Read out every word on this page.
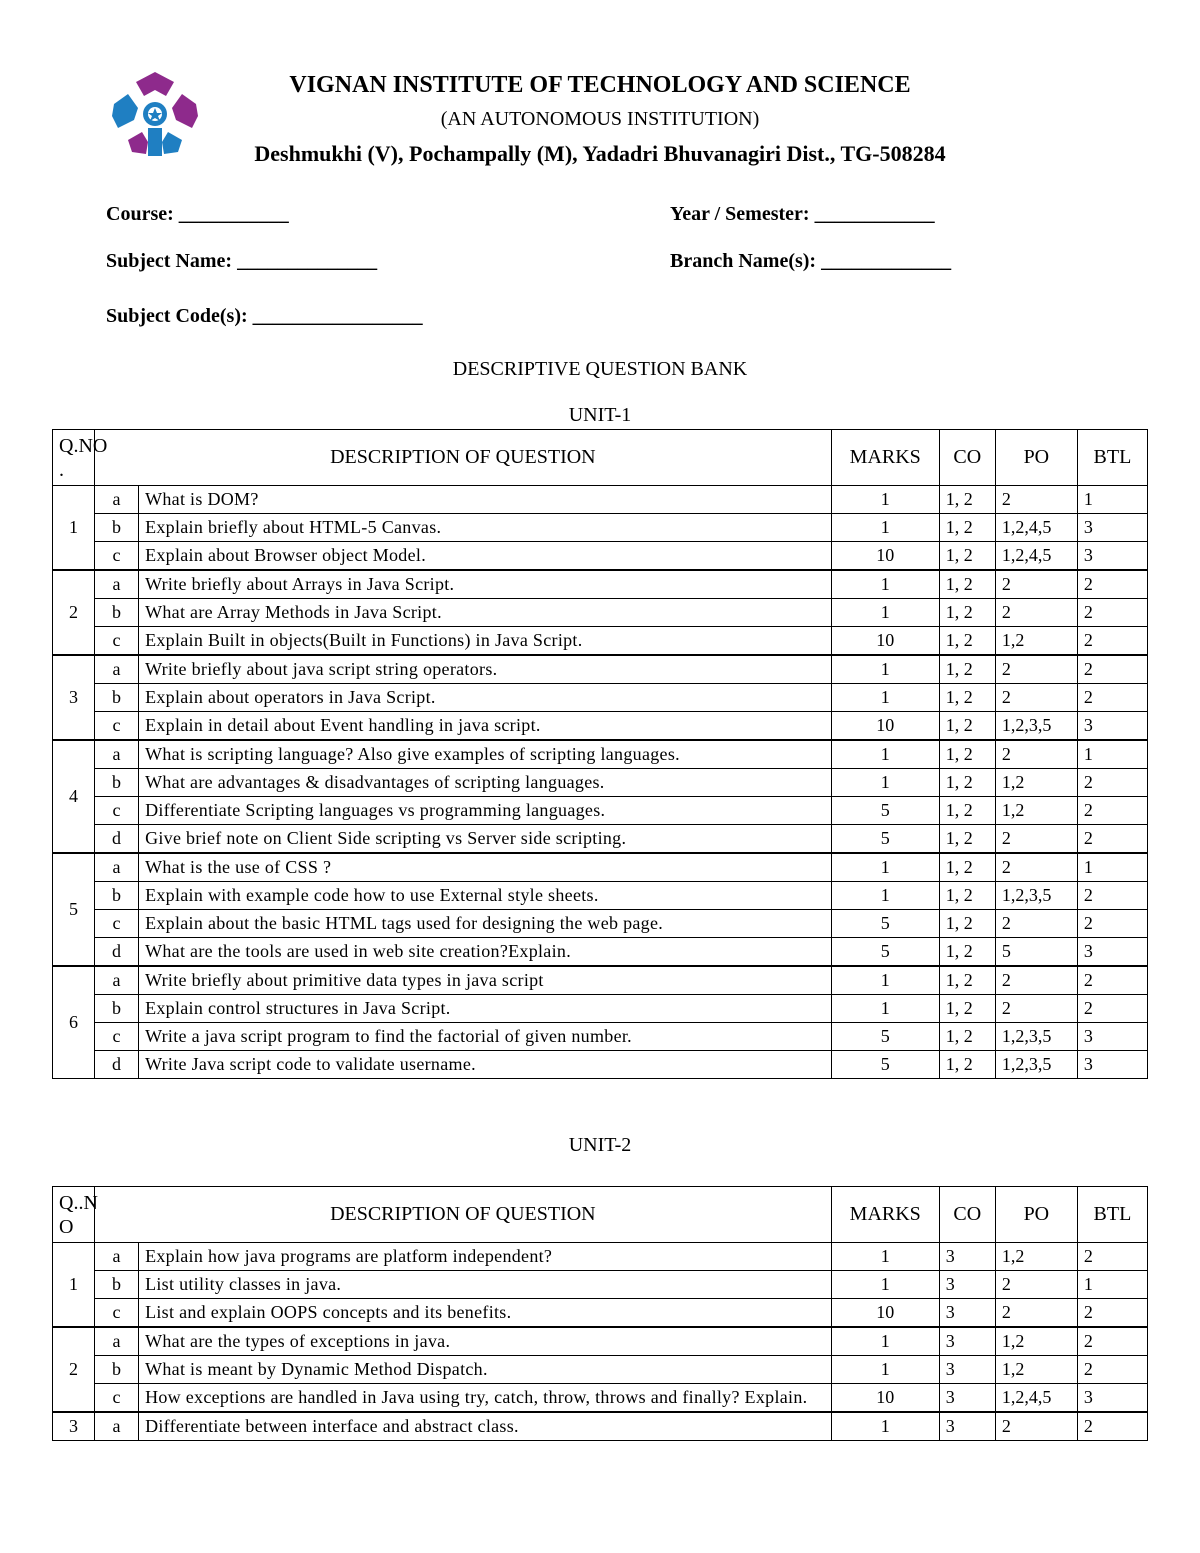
VIGNAN INSTITUTE OF TECHNOLOGY AND SCIENCE
(AN AUTONOMOUS INSTITUTION)
Deshmukhi (V), Pochampally (M), Yadadri Bhuvanagiri Dist., TG-508284
Course: ___________	Year / Semester: ____________
Subject Name: ______________	Branch Name(s): _____________
Subject Code(s): _________________
DESCRIPTIVE QUESTION BANK
UNIT-1
Q.NO .	DESCRIPTION OF QUESTION		MARKS	CO	PO	BTL
1	a	What is DOM?	1	1, 2	2	1
	b	Explain briefly about HTML-5 Canvas.	1	1, 2	1,2,4,5	3
	c	Explain about Browser object Model.	10	1, 2	1,2,4,5	3
2	a	Write briefly about Arrays in Java Script.	1	1, 2	2	2
	b	What are Array Methods in Java Script.	1	1, 2	2	2
	c	Explain Built in objects(Built in Functions) in Java Script.	10	1, 2	1,2	2
3	a	Write briefly about java script string operators.	1	1, 2	2	2
	b	Explain about operators in Java Script.	1	1, 2	2	2
	c	Explain in detail about Event handling in java script.	10	1, 2	1,2,3,5	3
4	a	What is scripting language? Also give examples of scripting languages.	1	1, 2	2	1
	b	What are advantages & disadvantages of scripting languages.	1	1, 2	1,2	2
	c	Differentiate Scripting languages vs programming languages.	5	1, 2	1,2	2
	d	Give brief note on Client Side scripting vs Server side scripting.	5	1, 2	2	2
5	a	What is the use of CSS ?	1	1, 2	2	1
	b	Explain with example code how to use External style sheets.	1	1, 2	1,2,3,5	2
	c	Explain about the basic HTML tags used for designing the web page.	5	1, 2	2	2
	d	What are the tools are used in web site creation?Explain.	5	1, 2	5	3
6	a	Write briefly about primitive data types in java script	1	1, 2	2	2
	b	Explain control structures in Java Script.	1	1, 2	2	2
	c	Write a java script program to find the factorial of given number.	5	1, 2	1,2,3,5	3
	d	Write Java script code to validate username.	5	1, 2	1,2,3,5	3
UNIT-2
Q..N O	DESCRIPTION OF QUESTION		MARKS	CO	PO	BTL
1	a	Explain how java programs are platform independent?	1	3	1,2	2
	b	List utility classes in java.	1	3	2	1
	c	List and explain OOPS concepts and its benefits.	10	3	2	2
2	a	What are the types of exceptions in java.	1	3	1,2	2
	b	What is meant by Dynamic Method Dispatch.	1	3	1,2	2
	c	How exceptions are handled in Java using try, catch, throw, throws and finally? Explain.	10	3	1,2,4,5	3
3	a	Differentiate between interface and abstract class.	1	3	2	2
